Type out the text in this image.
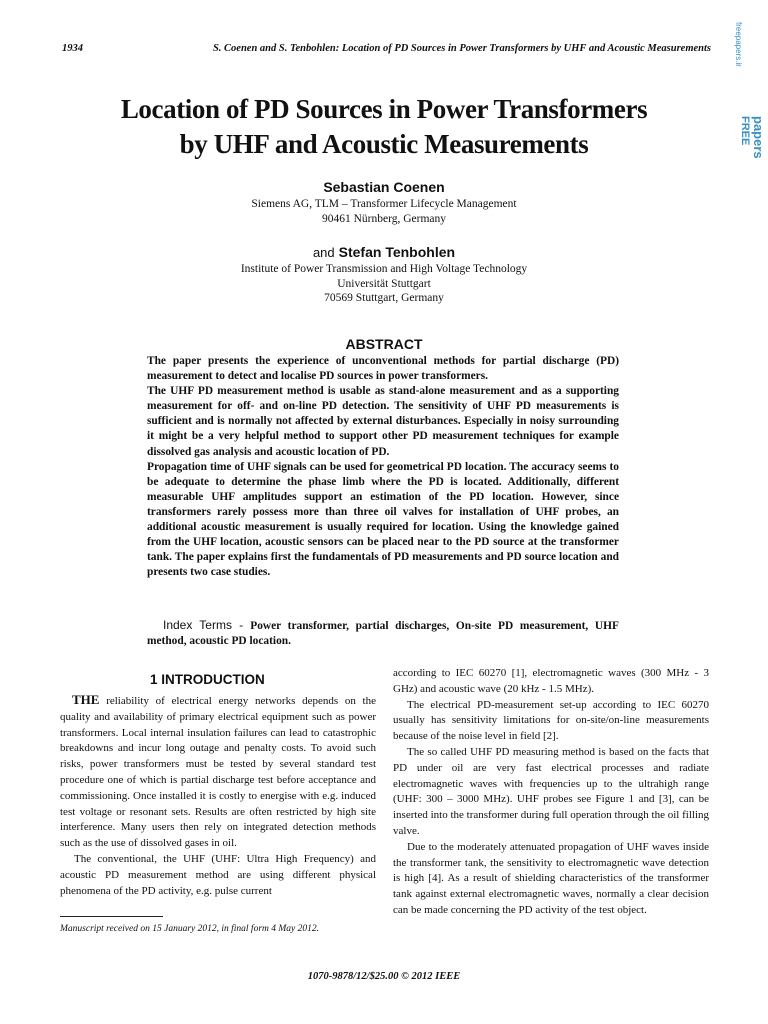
1934	S. Coenen and S. Tenbohlen: Location of PD Sources in Power Transformers by UHF and Acoustic Measurements	freepapers.ir
FREE papers
Location of PD Sources in Power Transformers
by UHF and Acoustic Measurements
Sebastian Coenen
Siemens AG, TLM – Transformer Lifecycle Management
90461 Nürnberg, Germany
and Stefan Tenbohlen
Institute of Power Transmission and High Voltage Technology
Universität Stuttgart
70569 Stuttgart, Germany
ABSTRACT

The paper presents the experience of unconventional methods for partial discharge (PD) measurement to detect and localise PD sources in power transformers.

The UHF PD measurement method is usable as stand-alone measurement and as a supporting measurement for off- and on-line PD detection. The sensitivity of UHF PD measurements is sufficient and is normally not affected by external disturbances. Especially in noisy surrounding it might be a very helpful method to support other PD measurement techniques for example dissolved gas analysis and acoustic location of PD.

Propagation time of UHF signals can be used for geometrical PD location. The accuracy seems to be adequate to determine the phase limb where the PD is located. Additionally, different measurable UHF amplitudes support an estimation of the PD location. However, since transformers rarely possess more than three oil valves for installation of UHF probes, an additional acoustic measurement is usually required for location. Using the knowledge gained from the UHF location, acoustic sensors can be placed near to the PD source at the transformer tank. The paper explains first the fundamentals of PD measurements and PD source location and presents two case studies.

Index Terms - Power transformer, partial discharges, On-site PD measurement, UHF method, acoustic PD location.
1 INTRODUCTION

THE reliability of electrical energy networks depends on the quality and availability of primary electrical equipment such as power transformers. Local internal insulation failures can lead to catastrophic breakdowns and incur long outage and penalty costs. To avoid such risks, power transformers must be tested by several standard test procedure one of which is partial discharge test before acceptance and commissioning. Once installed it is costly to energise with e.g. induced test voltage or resonant sets. Results are often restricted by high site interference. Many users then rely on integrated detection methods such as the use of dissolved gases in oil.

The conventional, the UHF (UHF: Ultra High Frequency) and acoustic PD measurement method are using different physical phenomena of the PD activity, e.g. pulse current

according to IEC 60270 [1], electromagnetic waves (300 MHz - 3 GHz) and acoustic wave (20 kHz - 1.5 MHz).

The electrical PD-measurement set-up according to IEC 60270 usually has sensitivity limitations for on-site/on-line measurements because of the noise level in field [2].

The so called UHF PD measuring method is based on the facts that PD under oil are very fast electrical processes and radiate electromagnetic waves with frequencies up to the ultrahigh range (UHF: 300 – 3000 MHz). UHF probes see Figure 1 and [3], can be inserted into the transformer during full operation through the oil filling valve.

Due to the moderately attenuated propagation of UHF waves inside the transformer tank, the sensitivity to electromagnetic wave detection is high [4]. As a result of shielding characteristics of the transformer tank against external electromagnetic waves, normally a clear decision can be made concerning the PD activity of the test object.

Manuscript received on 15 January 2012, in final form 4 May 2012.
1070-9878/12/$25.00 © 2012 IEEE
